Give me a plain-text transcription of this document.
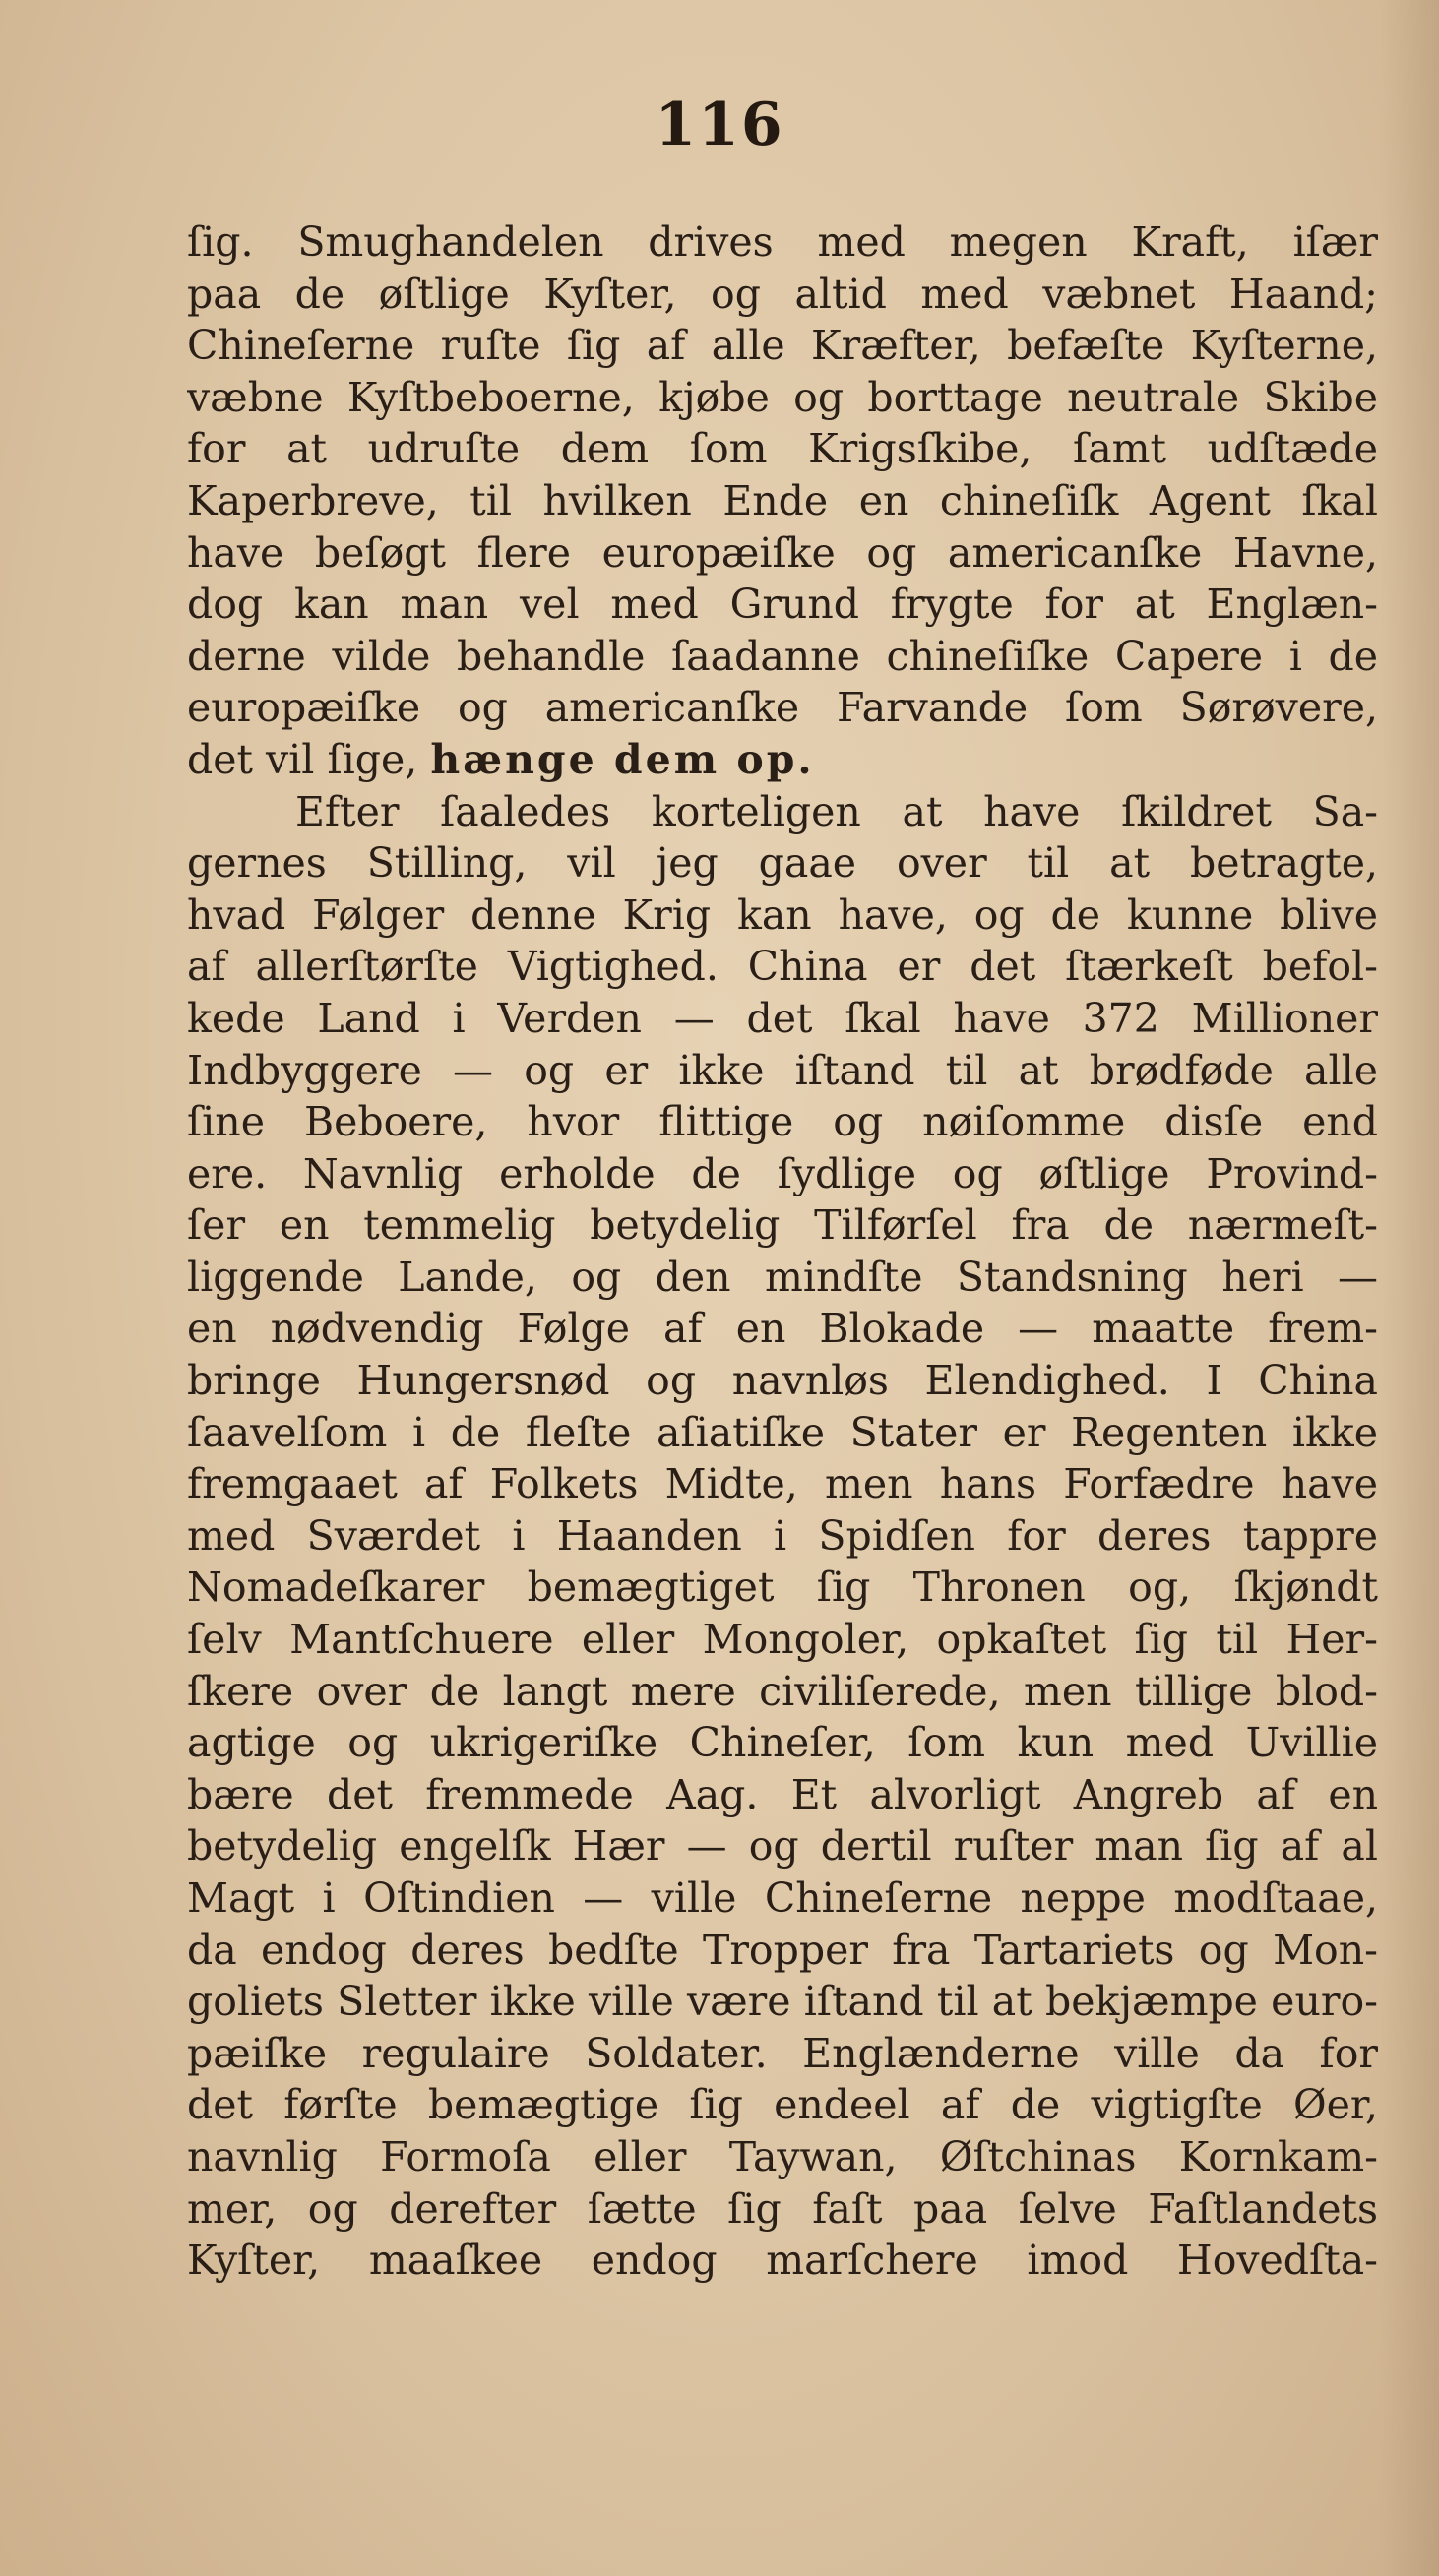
116
ſig. Smughandelen drives med megen Kraft, iſær
paa de øſtlige Kyſter, og altid med væbnet Haand;
Chineſerne ruſte ſig af alle Kræfter, befæſte Kyſterne,
væbne Kyſtbeboerne, kjøbe og borttage neutrale Skibe
for at udruſte dem ſom Krigsſkibe, ſamt udſtæde
Kaperbreve, til hvilken Ende en chineſiſk Agent ſkal
have beſøgt flere europæiſke og americanſke Havne,
dog kan man vel med Grund frygte for at Englæn-
derne vilde behandle ſaadanne chineſiſke Capere i de
europæiſke og americanſke Farvande ſom Sørøvere,
det vil ſige, hænge dem op.
Efter ſaaledes korteligen at have ſkildret Sa-
gernes Stilling, vil jeg gaae over til at betragte,
hvad Følger denne Krig kan have, og de kunne blive
af allerſtørſte Vigtighed. China er det ſtærkeſt befol-
kede Land i Verden — det ſkal have 372 Millioner
Indbyggere — og er ikke iſtand til at brødføde alle
ſine Beboere, hvor flittige og nøiſomme disſe end
ere. Navnlig erholde de ſydlige og øſtlige Provind-
ſer en temmelig betydelig Tilførſel fra de nærmeſt-
liggende Lande, og den mindſte Standsning heri —
en nødvendig Følge af en Blokade — maatte frem-
bringe Hungersnød og navnløs Elendighed. I China
ſaavelſom i de fleſte aſiatiſke Stater er Regenten ikke
fremgaaet af Folkets Midte, men hans Forfædre have
med Sværdet i Haanden i Spidſen for deres tappre
Nomadeſkarer bemægtiget ſig Thronen og, ſkjøndt
ſelv Mantſchuere eller Mongoler, opkaſtet ſig til Her-
ſkere over de langt mere civiliſerede, men tillige blod-
agtige og ukrigeriſke Chineſer, ſom kun med Uvillie
bære det fremmede Aag. Et alvorligt Angreb af en
betydelig engelſk Hær — og dertil ruſter man ſig af al
Magt i Oſtindien — ville Chineſerne neppe modſtaae,
da endog deres bedſte Tropper fra Tartariets og Mon-
goliets Sletter ikke ville være iſtand til at bekjæmpe euro-
pæiſke regulaire Soldater. Englænderne ville da for
det førſte bemægtige ſig endeel af de vigtigſte Øer,
navnlig Formoſa eller Taywan, Øſtchinas Kornkam-
mer, og derefter ſætte ſig faſt paa ſelve Faſtlandets
Kyſter, maaſkee endog marſchere imod Hovedſta-
